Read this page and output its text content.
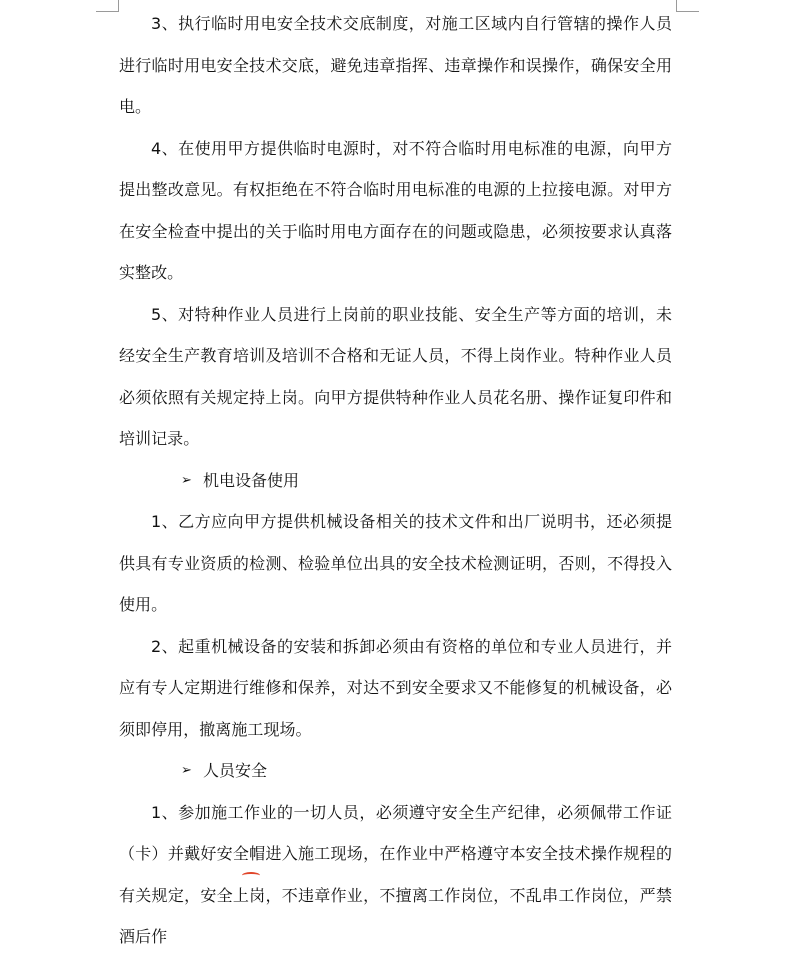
3、执行临时用电安全技术交底制度，对施工区域内自行管辖的操作人员进行临时用电安全技术交底，避免违章指挥、违章操作和误操作，确保安全用电。

4、在使用甲方提供临时电源时，对不符合临时用电标准的电源，向甲方提出整改意见。有权拒绝在不符合临时用电标准的电源的上拉接电源。对甲方在安全检查中提出的关于临时用电方面存在的问题或隐患，必须按要求认真落实整改。

5、对特种作业人员进行上岗前的职业技能、安全生产等方面的培训，未经安全生产教育培训及培训不合格和无证人员，不得上岗作业。特种作业人员必须依照有关规定持上岗。向甲方提供特种作业人员花名册、操作证复印件和培训记录。

➢ 机电设备使用

1、乙方应向甲方提供机械设备相关的技术文件和出厂说明书，还必须提供具有专业资质的检测、检验单位出具的安全技术检测证明，否则，不得投入使用。

2、起重机械设备的安装和拆卸必须由有资格的单位和专业人员进行，并应有专人定期进行维修和保养，对达不到安全要求又不能修复的机械设备，必须即停用，撤离施工现场。

➢ 人员安全

1、参加施工作业的一切人员，必须遵守安全生产纪律，必须佩带工作证（卡）并戴好安全帽进入施工现场，在作业中严格遵守本安全技术操作规程的有关规定，安全上岗，不违章作业，不擅离工作岗位，不乱串工作岗位，严禁酒后作
